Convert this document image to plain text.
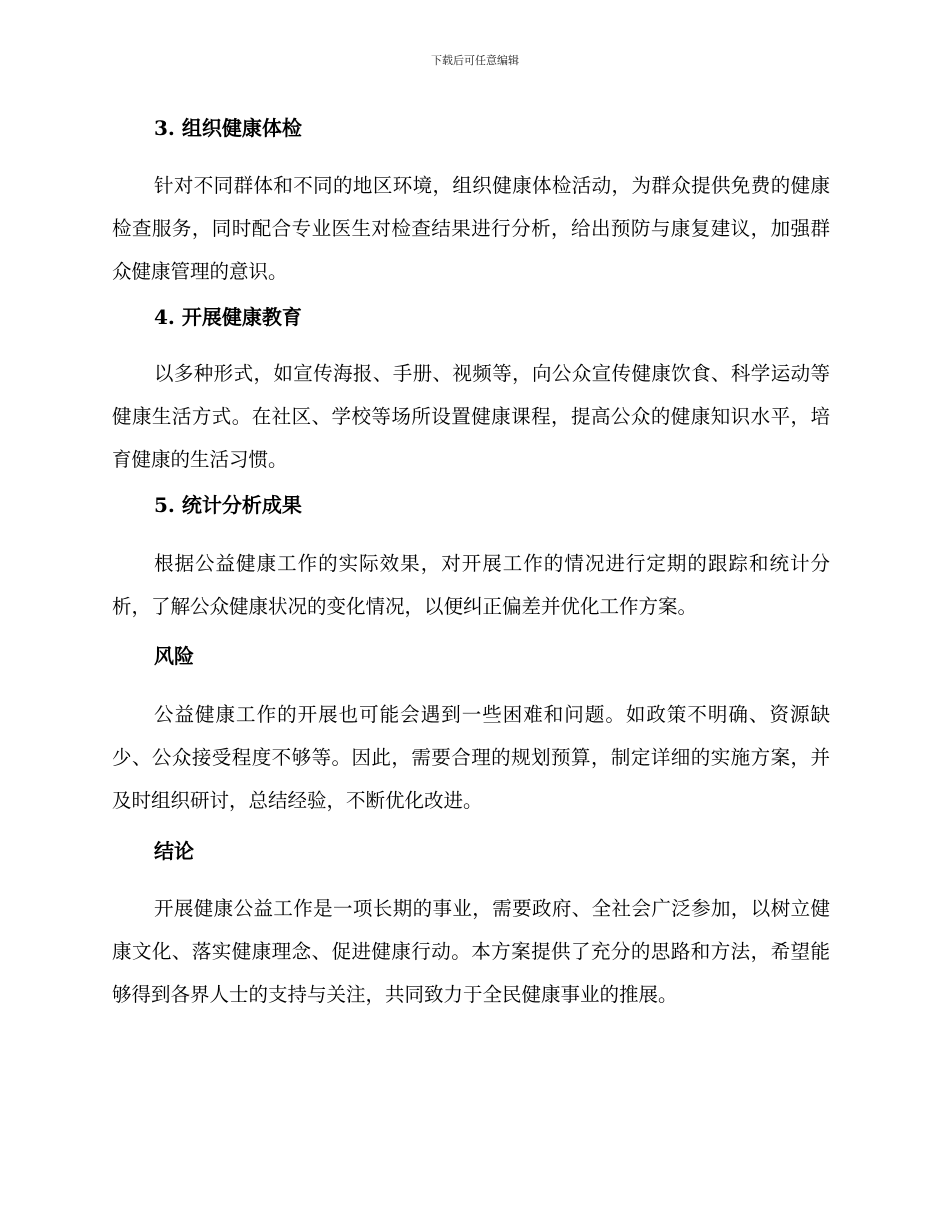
下载后可任意编辑

3. 组织健康体检

针对不同群体和不同的地区环境，组织健康体检活动，为群众提供免费的健康检查服务，同时配合专业医生对检查结果进行分析，给出预防与康复建议，加强群众健康管理的意识。

4. 开展健康教育

以多种形式，如宣传海报、手册、视频等，向公众宣传健康饮食、科学运动等健康生活方式。在社区、学校等场所设置健康课程，提高公众的健康知识水平，培育健康的生活习惯。

5. 统计分析成果

根据公益健康工作的实际效果，对开展工作的情况进行定期的跟踪和统计分析，了解公众健康状况的变化情况，以便纠正偏差并优化工作方案。

风险

公益健康工作的开展也可能会遇到一些困难和问题。如政策不明确、资源缺少、公众接受程度不够等。因此，需要合理的规划预算，制定详细的实施方案，并及时组织研讨，总结经验，不断优化改进。

结论

开展健康公益工作是一项长期的事业，需要政府、全社会广泛参加，以树立健康文化、落实健康理念、促进健康行动。本方案提供了充分的思路和方法，希望能够得到各界人士的支持与关注，共同致力于全民健康事业的推展。
